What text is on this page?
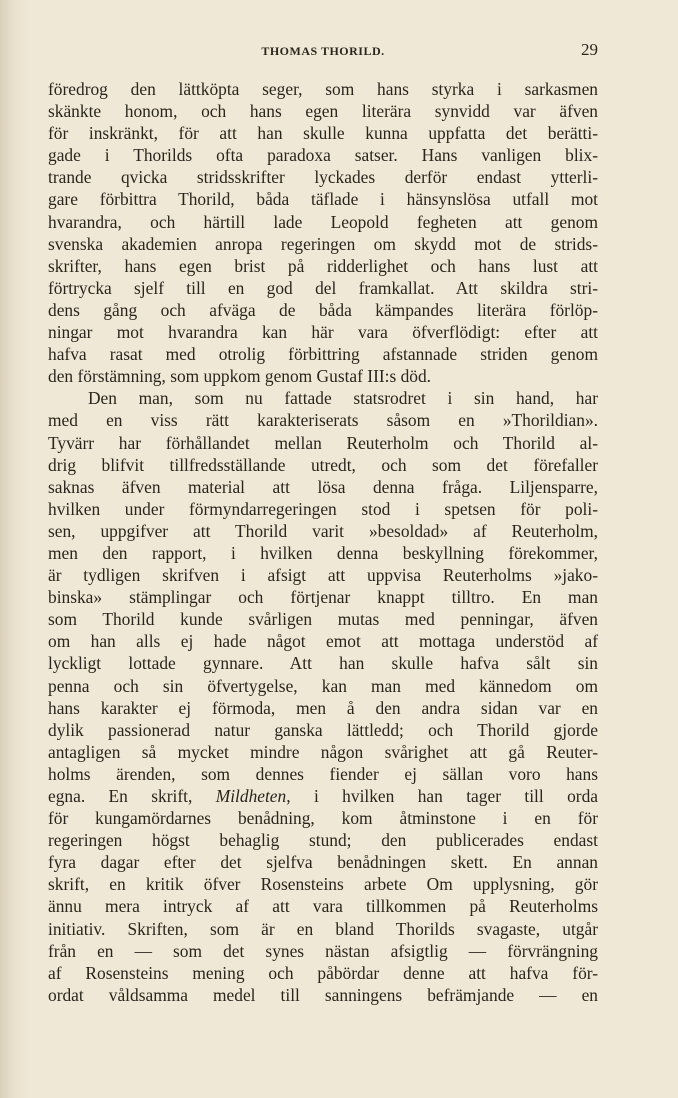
THOMAS THORILD.	29
föredrog den lättköpta seger, som hans styrka i sarkasmen
skänkte honom, och hans egen literära synvidd var äfven
för inskränkt, för att han skulle kunna uppfatta det berätti-
gade i Thorilds ofta paradoxa satser. Hans vanligen blix-
trande qvicka stridsskrifter lyckades derför endast ytterli-
gare förbittra Thorild, båda täflade i hänsynslösa utfall mot
hvarandra, och härtill lade Leopold fegheten att genom
svenska akademien anropa regeringen om skydd mot de strids-
skrifter, hans egen brist på ridderlighet och hans lust att
förtrycka sjelf till en god del framkallat. Att skildra stri-
dens gång och afväga de båda kämpandes literära förlöp-
ningar mot hvarandra kan här vara öfverflödigt: efter att
hafva rasat med otrolig förbittring afstannade striden genom
den förstämning, som uppkom genom Gustaf III:s död.
Den man, som nu fattade statsrodret i sin hand, har
med en viss rätt karakteriserats såsom en »Thorildian».
Tyvärr har förhållandet mellan Reuterholm och Thorild al-
drig blifvit tillfredsställande utredt, och som det förefaller
saknas äfven material att lösa denna fråga. Liljensparre,
hvilken under förmyndarregeringen stod i spetsen för poli-
sen, uppgifver att Thorild varit »besoldad» af Reuterholm,
men den rapport, i hvilken denna beskyllning förekommer,
är tydligen skrifven i afsigt att uppvisa Reuterholms »jako-
binska» stämplingar och förtjenar knappt tilltro. En man
som Thorild kunde svårligen mutas med penningar, äfven
om han alls ej hade något emot att mottaga understöd af
lyckligt lottade gynnare. Att han skulle hafva sålt sin
penna och sin öfvertygelse, kan man med kännedom om
hans karakter ej förmoda, men å den andra sidan var en
dylik passionerad natur ganska lättledd; och Thorild gjorde
antagligen så mycket mindre någon svårighet att gå Reuter-
holms ärenden, som dennes fiender ej sällan voro hans
egna. En skrift, Mildheten, i hvilken han tager till orda
för kungamördarnes benådning, kom åtminstone i en för
regeringen högst behaglig stund; den publicerades endast
fyra dagar efter det sjelfva benådningen skett. En annan
skrift, en kritik öfver Rosensteins arbete Om upplysning, gör
ännu mera intryck af att vara tillkommen på Reuterholms
initiativ. Skriften, som är en bland Thorilds svagaste, utgår
från en — som det synes nästan afsigtlig — förvrängning
af Rosensteins mening och påbördar denne att hafva för-
ordat våldsamma medel till sanningens befrämjande — en
